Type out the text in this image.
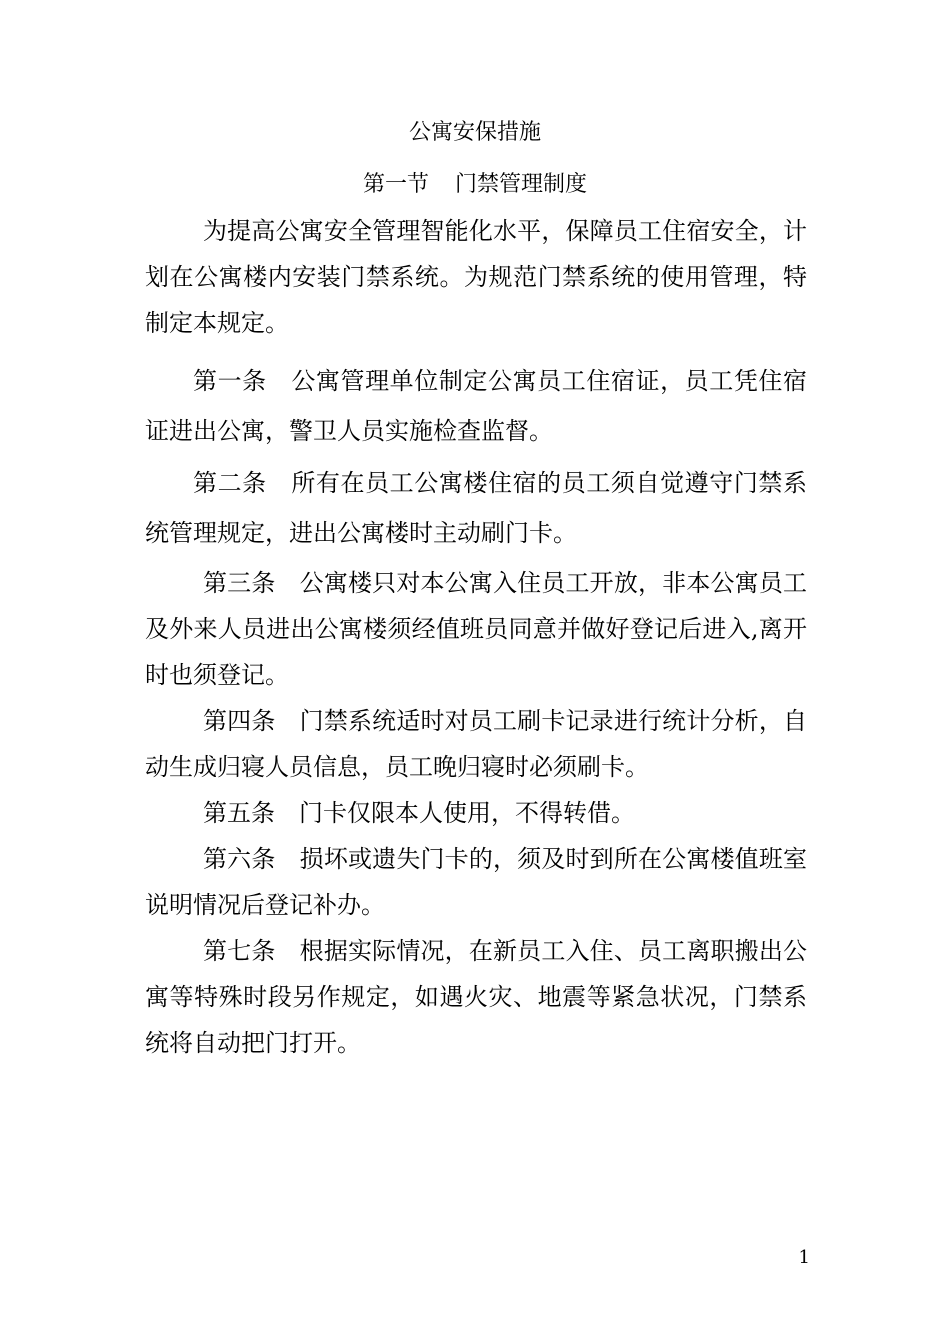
公寓安保措施
第一节 门禁管理制度

为提高公寓安全管理智能化水平，保障员工住宿安全，计划在公寓楼内安装门禁系统。为规范门禁系统的使用管理，特制定本规定。

第一条 公寓管理单位制定公寓员工住宿证，员工凭住宿证进出公寓，警卫人员实施检查监督。

第二条 所有在员工公寓楼住宿的员工须自觉遵守门禁系统管理规定，进出公寓楼时主动刷门卡。

第三条 公寓楼只对本公寓入住员工开放，非本公寓员工及外来人员进出公寓楼须经值班员同意并做好登记后进入,离开时也须登记。

第四条 门禁系统适时对员工刷卡记录进行统计分析，自动生成归寝人员信息，员工晚归寝时必须刷卡。

第五条 门卡仅限本人使用，不得转借。

第六条 损坏或遗失门卡的，须及时到所在公寓楼值班室说明情况后登记补办。

第七条 根据实际情况，在新员工入住、员工离职搬出公寓等特殊时段另作规定，如遇火灾、地震等紧急状况，门禁系统将自动把门打开。

1
